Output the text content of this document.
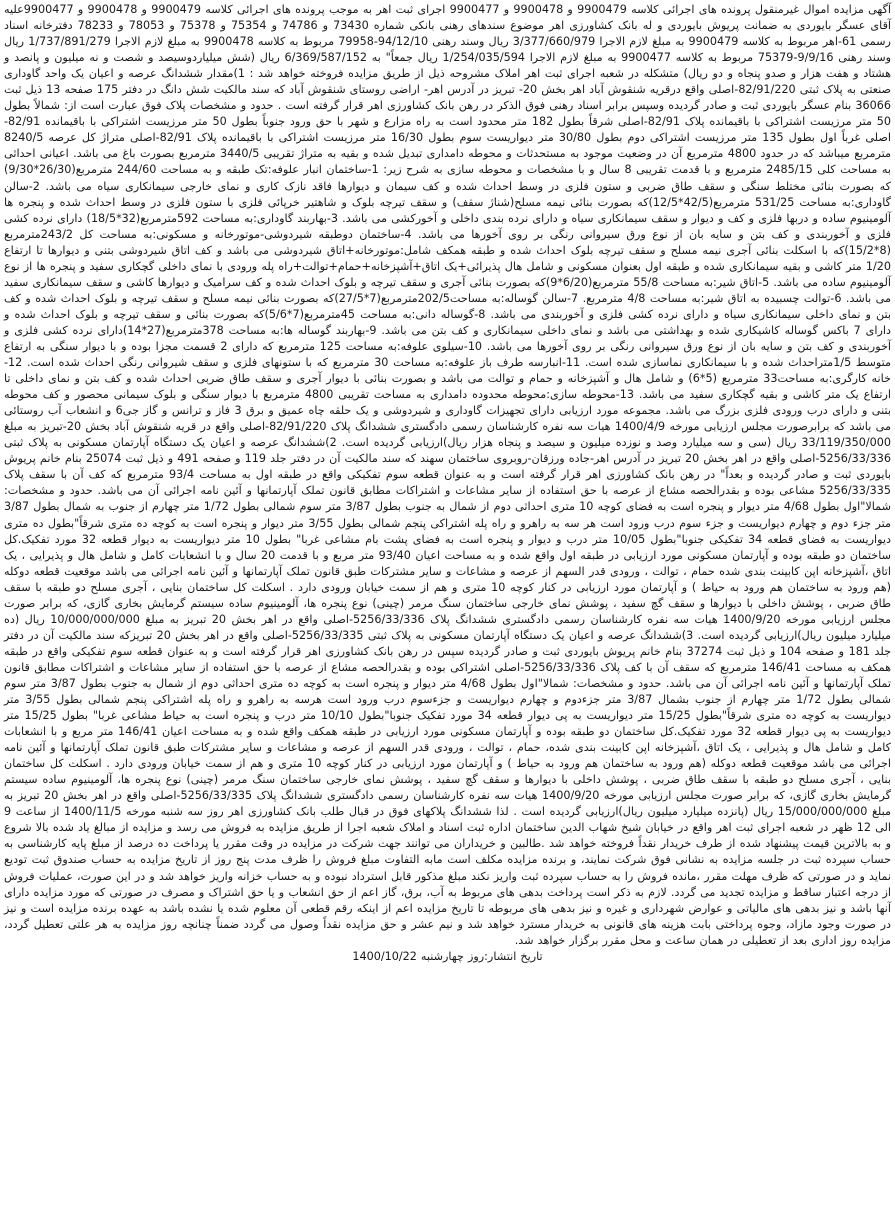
آگهی مزایده اموال غیرمنقول پرونده های اجرائی کلاسه 9900479 و 9900478 و 9900477 اجرای ثبت اهر به موجب پرونده های اجرائی کلاسه 9900479 و 9900478 و 9900477علیه آقای عسگر بایوردی به ضمانت پریوش بایوردی و له بانک کشاورزی اهر موضوع سندهای رهنی بانکی شماره 73430 و 74786 و 75354 و 75378 و 78053 و 78233 دفترخانه اسناد رسمی 61-اهر مربوط به کلاسه 9900479 به مبلغ لازم الاجرا 3/377/660/979 ریال وسند رهنی 94/12/10-79958 مربوط به کلاسه 9900478 به مبلغ لازم الاجرا 1/737/891/279 ریال وسند رهنی 9/9/16-75379 مربوط به کلاسه 9900477 به مبلغ لازم الاجرا 1/254/035/594 ریال جمعاً" به 6/369/587/152 ریال (شش میلیاردوسیصد و شصت و نه میلیون و پانصد و هشتاد و هفت هزار و صدو پنجاه و دو ریال) متشکله در شعبه اجرای ثبت اهر املاک مشروحه ذیل از طریق مزایده فروخته خواهد شد : 1)مقدار ششدانگ عرصه و اعیان یک واحد گاوداری صنعتی به پلاک ثبتی 82/91/220-اصلی واقع درقریه شنقوش آباد اهر بخش 20- تبریز در آدرس اهر- اراضی روستای شنقوش آباد که سند مالکیت شش دانگ در دفتر 175 صفحه 13 ذیل ثبت 36066 بنام عسگر بایوردی ثبت و صادر گردیده وسپس برابر اسناد رهنی فوق الذکر در رهن بانک کشاورزی اهر قرار گرفته است . حدود و مشخصات پلاک فوق عبارت است از: شمالاً بطول 50 متر مرزیست اشتراکی با باقیمانده پلاک 82/91-اصلی شرقاً بطول 182 متر محدود است به راه مزارع و شهر با حق ورود جنوباً بطول 50 متر مرزیست اشتراکی با باقیمانده 82/91-اصلی غرباً اول بطول 135 متر مرزیست اشتراکی دوم بطول 30/80 متر دیواریست سوم بطول 16/30 متر مرزیست اشتراکی با باقیمانده پلاک 82/91-اصلی متراژ کل عرصه 8240/5 مترمربع میباشد که در حدود 4800 مترمربع آن در وضعیت موجود به مستحدثات و محوطه دامداری تبدیل شده و بقیه به متراژ تقریبی 3440/5 مترمربع بصورت باغ می باشد. اعیانی احداثی به مساحت کلی 2485/15 مترمربع و با قدمت تقریبی 8 سال و با مشخصات و محوطه سازی به شرح زیر: 1-ساختمان انبار علوفه:تک طبقه و به مساحت 244/60 مترمربع(26/30*9/30) که بصورت بنائی مختلط سنگی و سقف طاق ضربی و ستون فلزی در وسط احداث شده و کف سیمان و دیوارها فاقد نازک کاری و نمای خارجی سیمانکاری سیاه می باشد. 2-سالن گاوداری:به مساحت 531/25 مترمربع(42/5*12/5)که بصورت بنائی نیمه مسلح(شناژ سقف) و سقف تیرچه بلوک و شاهتیر خرپائی فلزی با ستون فلزی در وسط احداث شده و پنجره ها آلومینیوم ساده و دربها فلزی و کف و دیوار و سقف سیمانکاری سیاه و دارای نرده بندی داخلی و آخورکشی می باشد. 3-بهاربند گاوداری:به مساحت 592مترمربع(32*18/5) دارای نرده کشی فلزی و آخوربندی و کف بتن و سایه بان از نوع ورق سیروانی رنگی بر روی آخورها می باشد. 4-ساختمان دوطبقه شیردوشی-موتورخانه و مسکونی:به مساحت کل 243/2مترمربع (8*15/2)که با اسکلت بنائی آجری نیمه مسلح و سقف تیرچه بلوک احداث شده و طبقه همکف شامل:موتورخانه+اتاق شیردوشی می باشد و کف اتاق شیردوشی بتنی و دیوارها تا ارتفاع 1/20 متر کاشی و بقیه سیمانکاری شده و طبقه اول بعنوان مسکونی و شامل هال پذیرائی+یک اتاق+آشپزخانه+حمام+توالت+راه پله ورودی با نمای داخلی گچکاری سفید و پنجره ها از نوع آلومینیوم ساده می باشد. 5-اتاق شیر:به مساحت 55/8 مترمربع(6/20*9)که بصورت بنائی آجری و سقف تیرچه و بلوک احداث شده و کف سرامیک و دیوارها کاشی و سقف سیمانکاری سفید می باشد. 6-توالت چسبیده به اتاق شیر:به مساحت 4/8 مترمربع. 7-سالن گوساله:به مساحت202/5مترمربع(7*27/5)که بصورت بنائی نیمه مسلح و سقف تیرچه و بلوک احداث شده و کف بتن و نمای داخلی سیمانکاری سیاه و دارای نرده کشی فلزی و آخوربندی می باشد. 8-گوساله دانی:به مساحت 45مترمربع(7*5/6)که بصورت بنائی و سقف تیرچه و بلوک احداث شده و دارای 7 باکس گوساله کاشیکاری شده و بهداشتی می باشد و نمای داخلی سیمانکاری و کف بتن می باشد. 9-بهاربند گوساله ها:به مساحت 378مترمربع(27*14)دارای نرده کشی فلزی و آخوربندی و کف بتن و سایه بان از نوع ورق سیروانی رنگی بر روی آخورها می باشد. 10-سیلوی علوفه:به مساحت 125 مترمربع که دارای 2 قسمت مجزا بوده و با دیوار سنگی به ارتفاع متوسط 1/5متراحداث شده و با سیمانکاری نماسازی شده است. 11-انبارسه طرف باز علوفه:به مساحت 30 مترمربع که با ستونهای فلزی و سقف شیروانی رنگی احداث شده است. 12-خانه کارگری:به مساحت33 مترمربع (5*6) و شامل هال و آشپزخانه و حمام و توالت می باشد و بصورت بنائی با دیوار آجری و سقف طاق ضربی احداث شده و کف بتن و نمای داخلی تا ارتفاع یک متر کاشی و بقیه گچکاری سفید می باشد. 13-محوطه سازی:محوطه محدوده دامداری به مساحت تقریبی 4800 مترمربع با دیوار سنگی و بلوک سیمانی محصور و کف محوطه بتنی و دارای درب ورودی فلزی بزرگ می باشد. مجموعه مورد ارزیابی دارای تجهیزات گاوداری و شیردوشی و یک حلقه چاه عمیق و برق 3 فاز و ترانس و گاز جی6 و انشعاب آب روستائی می باشد که برابرصورت مجلس ارزیابی مورخه 1400/4/9 هیات سه نفره کارشناسان رسمی دادگستری ششدانگ پلاک 82/91/220-اصلی واقع در قریه شنقوش آباد بخش 20-تبریز به مبلغ 33/119/350/000 ریال (سی و سه میلیارد وصد و نوزده میلیون و سیصد و پنجاه هزار ریال)ارزیابی گردیده است. 2)ششدانگ عرصه و اعیان یک دستگاه آپارتمان مسکونی به پلاک ثبتی 5256/33/336-اصلی واقع در اهر بخش 20 تبریز در آدرس اهر-جاده ورزقان-روبروی ساختمان سهند که سند مالکیت آن در دفتر جلد 119 و صفحه 491 و ذیل ثبت 25074 بنام خانم پریوش بایوردی ثبت و صادر گردیده و بعداً" در رهن بانک کشاورزی اهر قرار گرفته است و به عنوان قطعه سوم تفکیکی واقع در طبقه اول به مساحت 93/4 مترمربع که کف آن با سقف پلاک 5256/33/335 مشاعی بوده و بقدرالحصه مشاع از عرصه با حق استفاده از سایر مشاعات و اشتراکات مطابق قانون تملک آپارتمانها و آئین نامه اجرائی آن می باشد. حدود و مشخصات: شمالا"اول بطول 4/68 متر دیوار و پنجره است به فضای کوچه 10 متری احداثی دوم از شمال به جنوب بطول 3/87 متر سوم شمالی بطول 1/72 متر چهارم از جنوب به شمال بطول 3/87 متر جزء دوم و چهارم دیواریست و جزء سوم درب ورود است هر سه به راهرو و راه پله اشتراکی پنجم شمالی بطول 3/55 متر دیوار و پنجره است به کوچه ده متری شرقاً"بطول ده متری دیواریست به فضای قطعه 34 تفکیکی جنوبا"بطول 10/05 متر درب و دیوار و پنجره است به فضای پشت بام مشاعی غربا" بطول 10 متر دیواریست به دیوار قطعه 32 مورد تفکیک.کل ساختمان دو طبقه بوده و آپارتمان مسکونی مورد ارزیابی در طبقه اول واقع شده و به مساحت اعیان 93/40 متر مربع و با قدمت 20 سال و با انشعابات کامل و شامل هال و پذیرایی ، یک اتاق ،آشپزخانه اپن کابینت بندی شده حمام ، توالت ، ورودی قدر السهم از عرصه و مشاعات و سایر مشترکات طبق قانون تملک آپارتمانها و آئین نامه اجرائی می باشد موقعیت قطعه دوکله (هم ورود به ساختمان هم ورود به حیاط ) و آپارتمان مورد ارزیابی در کنار کوچه 10 متری و هم از سمت خیابان ورودی دارد . اسکلت کل ساختمان بنایی ، آجری مسلح دو طبقه با سقف طاق ضربی ، پوشش داخلی با دیوارها و سقف گچ سفید ، پوشش نمای خارجی ساختمان سنگ مرمر (چینی) نوع پنجره ها، آلومینیوم ساده سیستم گرمایش بخاری گازی، که برابر صورت مجلس ارزیابی مورخه 1400/9/20 هیات سه نفره کارشناسان رسمی دادگستری ششدانگ پلاک 5256/33/336-اصلی واقع در اهر بخش 20 تبریز به مبلغ 10/000/000/000 ریال (ده میلیارد میلیون ریال)ارزیابی گردیده است. 3)ششدانگ عرصه و اعیان یک دستگاه آپارتمان مسکونی به پلاک ثبتی 5256/33/335-اصلی واقع در اهر بخش 20 تبریزکه سند مالکیت آن در دفتر جلد 181 و صفحه 104 و ذیل ثبت 37274 بنام خانم پریوش بایوردی ثبت و صادر گردیده سپس در رهن بانک کشاورزی اهر قرار گرفته است و به عنوان قطعه سوم تفکیکی واقع در طبقه همکف به مساحت 146/41 مترمربع که سقف آن با کف پلاک 5256/33/336-اصلی اشتراکی بوده و بقدرالحصه مشاع از عرصه با حق استفاده از سایر مشاعات و اشتراکات مطابق قانون تملک آپارتمانها و آئین نامه اجرائی آن می باشد. حدود و مشخصات: شمالا"اول بطول 4/68 متر دیوار و پنجره است به کوچه ده متری احداثی دوم از شمال به جنوب بطول 3/87 متر سوم شمالی بطول 1/72 متر چهارم از جنوب بشمال 3/87 متر جزءدوم و چهارم دیواریست و جزءسوم درب ورود است هرسه به راهرو و راه پله اشتراکی پنجم شمالی بطول 3/55 متر دیواریست به کوچه ده متری شرقاً"بطول 15/25 متر دیواریست به پی دیوار قطعه 34 مورد تفکیک جنوبا"بطول 10/10 متر درب و پنجره است به حیاط مشاعی غربا" بطول 15/25 متر دیواریست به پی دیوار قطعه 32 مورد تفکیک.کل ساختمان دو طبقه بوده و آپارتمان مسکونی مورد ارزیابی در طبقه همکف واقع شده و به مساحت اعیان 146/41 متر مربع و با انشعابات کامل و شامل هال و پذیرایی ، یک اتاق ،آشپزخانه اپن کابینت بندی شده، حمام ، توالت ، ورودی قدر السهم از عرصه و مشاعات و سایر مشترکات طبق قانون تملک آپارتمانها و آئین نامه اجرائی می باشد موقعیت قطعه دوکله (هم ورود به ساختمان هم ورود به حیاط ) و آپارتمان مورد ارزیابی در کنار کوچه 10 متری و هم از سمت خیابان ورودی دارد . اسکلت کل ساختمان بنایی ، آجری مسلح دو طبقه با سقف طاق ضربی ، پوشش داخلی با دیوارها و سقف گچ سفید ، پوشش نمای خارجی ساختمان سنگ مرمر (چینی) نوع پنجره ها، آلومینیوم ساده سیستم گرمایش بخاری گازی، که برابر صورت مجلس ارزیابی مورخه 1400/9/20 هیات سه نفره کارشناسان رسمی دادگستری ششدانگ پلاک 5256/33/335-اصلی واقع در اهر بخش 20 تبریز به مبلغ 15/000/000/000 ریال (پانزده میلیارد میلیون ریال)ارزیابی گردیده است . لذا ششدانگ پلاکهای فوق در قبال طلب بانک کشاورزی اهر روز سه شنبه مورخه 1400/11/5 از ساعت 9 الی 12 ظهر در شعبه اجرای ثبت اهر واقع در خیابان شیخ شهاب الدین ساختمان اداره ثبت اسناد و املاک شعبه اجرا از طریق مزایده به فروش می رسد و مزایده از مبالغ یاد شده بالا شروع و به بالاترین قیمت پیشنهاد شده از طرف خریدار نقداً فروخته خواهد شد .طالبین و خریداران می توانند جهت شرکت در مزایده در وقت مقرر یا پرداخت ده درصد از مبلغ پایه کارشناسی به حساب سپرده ثبت در جلسه مزایده به نشانی فوق شرکت نمایند، و برنده مزایده مکلف است مابه التفاوت مبلغ فروش را ظرف مدت پنج روز از تاریخ مزایده به حساب صندوق ثبت تودیع نماید و در صورتی که ظرف مهلت مقرر ،مانده فروش را به حساب سپرده ثبت واریز نکند مبلغ مذکور قابل استرداد نبوده و به حساب خزانه واریز خواهد شد و در این صورت، عملیات فروش از درجه اعتبار ساقط و مزایده تجدید می گردد. لازم به ذکر است پرداخت بدهی های مربوط به آب، برق، گاز اعم از حق انشعاب و یا حق اشتراک و مصرف در صورتی که مورد مزایده دارای آنها باشد و نیز بدهی های مالیاتی و عوارض شهرداری و غیره و نیز بدهی های مربوطه تا تاریخ مزایده اعم از اینکه رقم قطعی آن معلوم شده یا نشده باشد به عهده برنده مزایده است و نیز در صورت وجود مازاد، وجوه پرداختی بابت هزینه های قانونی به خریدار مسترد خواهد شد و نیم عشر و حق مزایده نقداً وصول می گردد ضمناً چنانچه روز مزایده به هر علتی تعطیل گردد، مزایده روز اداری بعد از تعطیلی در همان ساعت و محل مقرر برگزار خواهد شد.

تاریخ انتشار:روز چهارشنبه 1400/10/22
